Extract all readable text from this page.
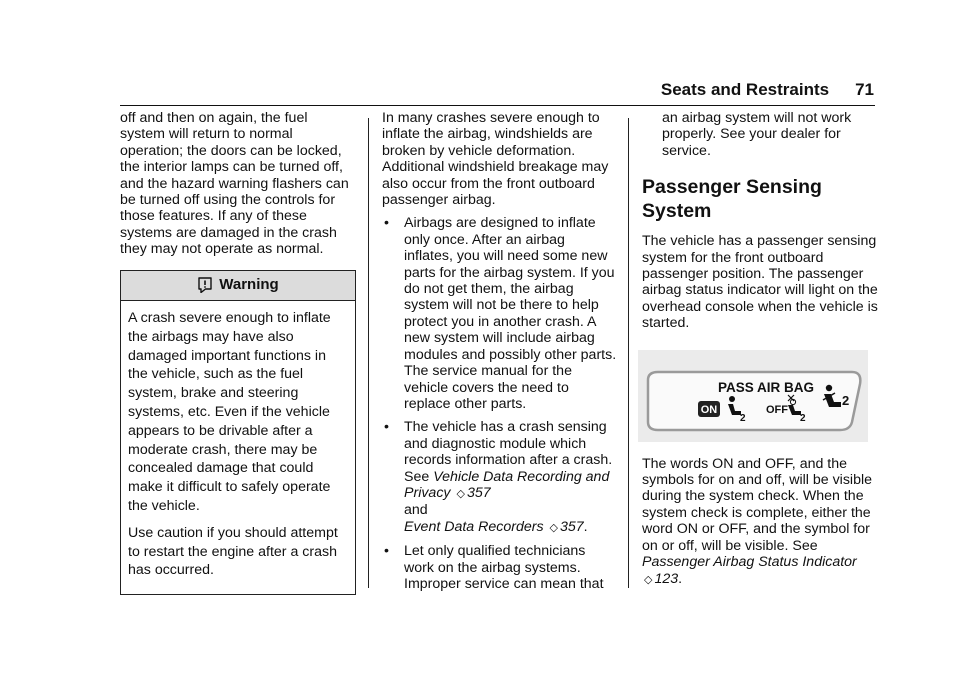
Seats and Restraints 71

off and then on again, the fuel system will return to normal operation; the doors can be locked, the interior lamps can be turned off, and the hazard warning flashers can be turned off using the controls for those features. If any of these systems are damaged in the crash they may not operate as normal.

Warning

A crash severe enough to inflate the airbags may have also damaged important functions in the vehicle, such as the fuel system, brake and steering systems, etc. Even if the vehicle appears to be drivable after a moderate crash, there may be concealed damage that could make it difficult to safely operate the vehicle.

Use caution if you should attempt to restart the engine after a crash has occurred.

In many crashes severe enough to inflate the airbag, windshields are broken by vehicle deformation. Additional windshield breakage may also occur from the front outboard passenger airbag.

•	Airbags are designed to inflate only once. After an airbag inflates, you will need some new parts for the airbag system. If you do not get them, the airbag system will not be there to help protect you in another crash. A new system will include airbag modules and possibly other parts. The service manual for the vehicle covers the need to replace other parts.
•	The vehicle has a crash sensing and diagnostic module which records information after a crash. See Vehicle Data Recording and Privacy ◇ 357
and
Event Data Recorders ◇ 357.
•	Let only qualified technicians work on the airbag systems. Improper service can mean that
an airbag system will not work properly. See your dealer for service.
Passenger Sensing System

The vehicle has a passenger sensing system for the front outboard passenger position. The passenger airbag status indicator will light on the overhead console when the vehicle is started.

PASS AIR BAG
ON
2
OFF
2
2

The words ON and OFF, and the symbols for on and off, will be visible during the system check. When the system check is complete, either the word ON or OFF, and the symbol for on or off, will be visible. See Passenger Airbag Status Indicator ◇ 123.
